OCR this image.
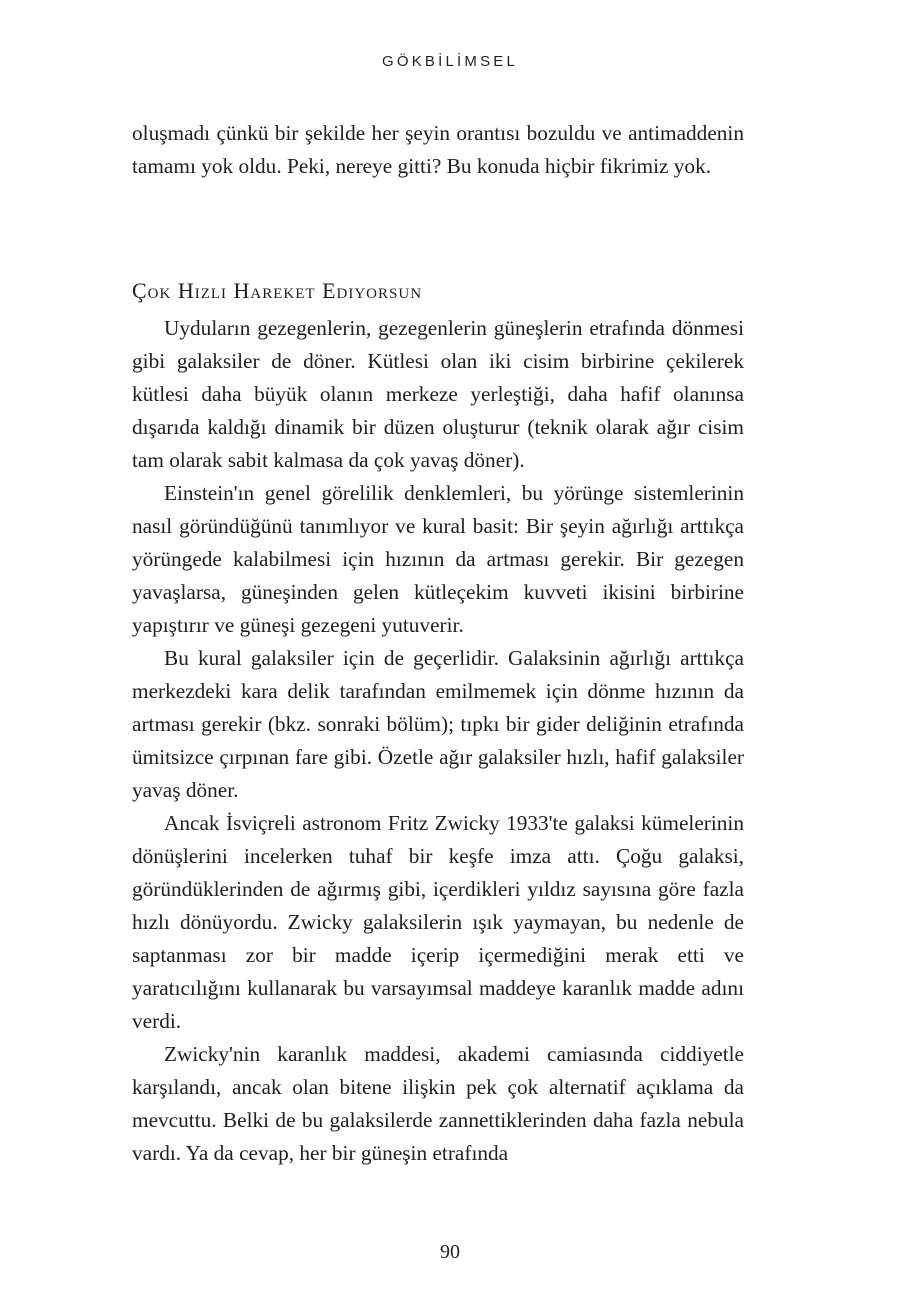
GÖKBİLİMSEL

oluşmadı çünkü bir şekilde her şeyin orantısı bozuldu ve antimaddenin tamamı yok oldu. Peki, nereye gitti? Bu konuda hiçbir fikrimiz yok.

Çok Hızlı Hareket Ediyorsun

Uyduların gezegenlerin, gezegenlerin güneşlerin etrafında dönmesi gibi galaksiler de döner. Kütlesi olan iki cisim birbirine çekilerek kütlesi daha büyük olanın merkeze yerleştiği, daha hafif olanınsa dışarıda kaldığı dinamik bir düzen oluşturur (teknik olarak ağır cisim tam olarak sabit kalmasa da çok yavaş döner).

Einstein'ın genel görelilik denklemleri, bu yörünge sistemlerinin nasıl göründüğünü tanımlıyor ve kural basit: Bir şeyin ağırlığı arttıkça yörüngede kalabilmesi için hızının da artması gerekir. Bir gezegen yavaşlarsa, güneşinden gelen kütleçekim kuvveti ikisini birbirine yapıştırır ve güneşi gezegeni yutuverir.

Bu kural galaksiler için de geçerlidir. Galaksinin ağırlığı arttıkça merkezdeki kara delik tarafından emilmemek için dönme hızının da artması gerekir (bkz. sonraki bölüm); tıpkı bir gider deliğinin etrafında ümitsizce çırpınan fare gibi. Özetle ağır galaksiler hızlı, hafif galaksiler yavaş döner.

Ancak İsviçreli astronom Fritz Zwicky 1933'te galaksi kümelerinin dönüşlerini incelerken tuhaf bir keşfe imza attı. Çoğu galaksi, göründüklerinden de ağırmış gibi, içerdikleri yıldız sayısına göre fazla hızlı dönüyordu. Zwicky galaksilerin ışık yaymayan, bu nedenle de saptanması zor bir madde içerip içermediğini merak etti ve yaratıcılığını kullanarak bu varsayımsal maddeye karanlık madde adını verdi.

Zwicky'nin karanlık maddesi, akademi camiasında ciddiyetle karşılandı, ancak olan bitene ilişkin pek çok alternatif açıklama da mevcuttu. Belki de bu galaksilerde zannettiklerinden daha fazla nebula vardı. Ya da cevap, her bir güneşin etrafında

90
